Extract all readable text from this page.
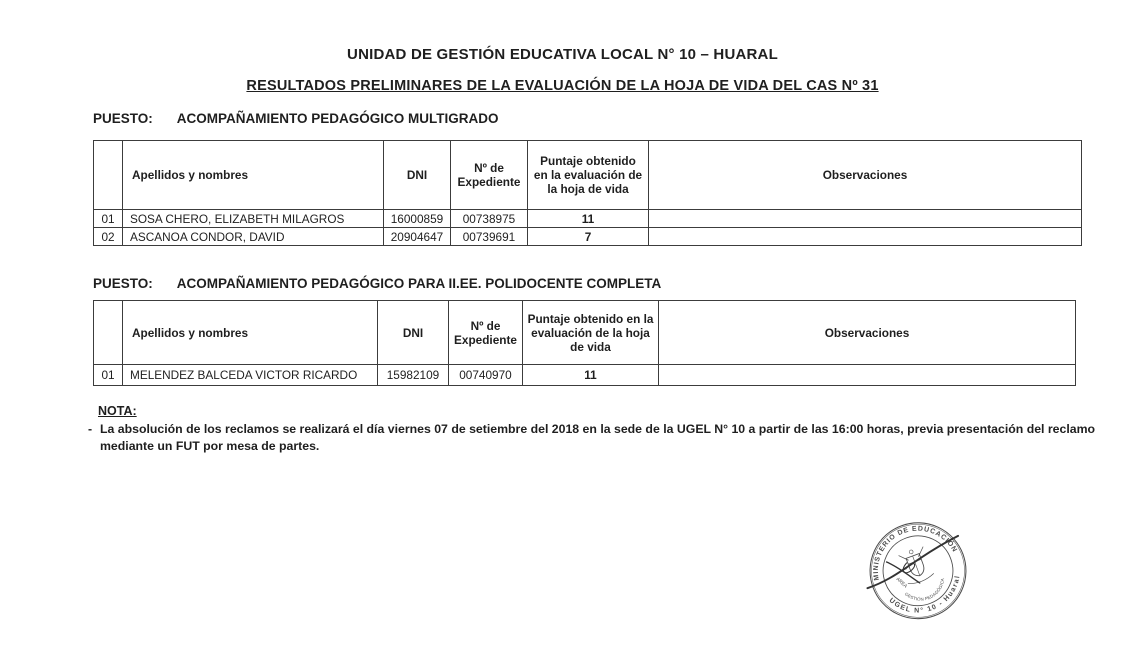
UNIDAD DE GESTIÓN EDUCATIVA LOCAL N° 10 – HUARAL
RESULTADOS PRELIMINARES DE LA EVALUACIÓN DE LA HOJA DE VIDA DEL CAS Nº 31
PUESTO: ACOMPAÑAMIENTO PEDAGÓGICO MULTIGRADO
	Apellidos y nombres	DNI	Nº de Expediente	Puntaje obtenido en la evaluación de la hoja de vida	Observaciones
01	SOSA CHERO, ELIZABETH MILAGROS	16000859	00738975	11	
02	ASCANOA CONDOR, DAVID	20904647	00739691	7	
PUESTO: ACOMPAÑAMIENTO PEDAGÓGICO PARA II.EE. POLIDOCENTE COMPLETA
	Apellidos y nombres	DNI	Nº de Expediente	Puntaje obtenido en la evaluación de la hoja de vida	Observaciones
01	MELENDEZ BALCEDA VICTOR RICARDO	15982109	00740970	11	
NOTA:
- La absolución de los reclamos se realizará el día viernes 07 de setiembre del 2018 en la sede de la UGEL N° 10 a partir de las 16:00 horas, previa presentación del reclamo mediante un FUT por mesa de partes.
MINISTERIO DE EDUCACIÓN
UGEL N° 10 - Huaral
GESTIÓN PEDAGÓGICA
AREA
